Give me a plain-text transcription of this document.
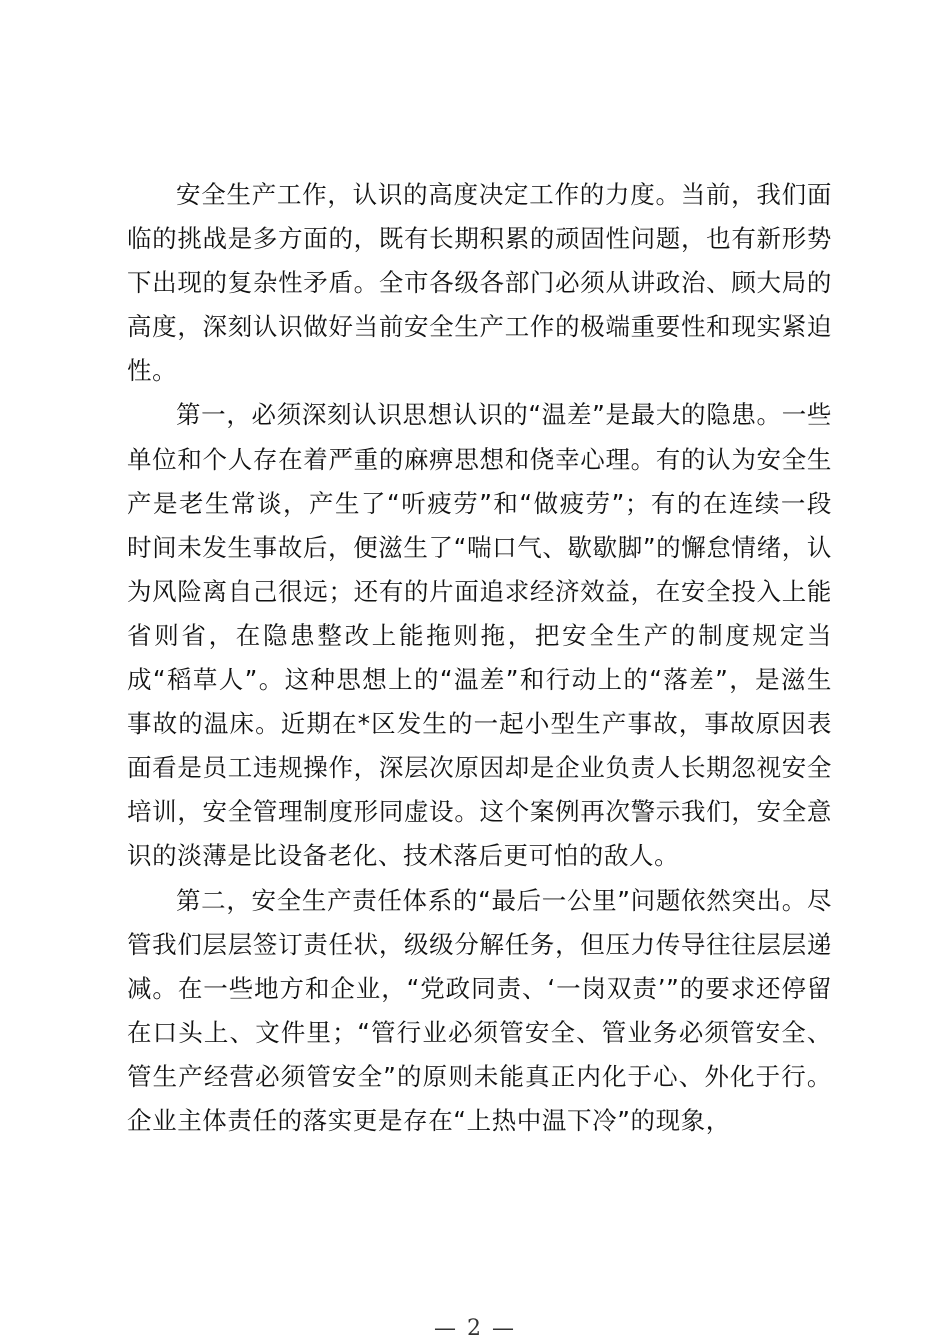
安全生产工作，认识的高度决定工作的力度。当前，我们面临的挑战是多方面的，既有长期积累的顽固性问题，也有新形势下出现的复杂性矛盾。全市各级各部门必须从讲政治、顾大局的高度，深刻认识做好当前安全生产工作的极端重要性和现实紧迫性。

第一，必须深刻认识思想认识的“温差”是最大的隐患。一些单位和个人存在着严重的麻痹思想和侥幸心理。有的认为安全生产是老生常谈，产生了“听疲劳”和“做疲劳”；有的在连续一段时间未发生事故后，便滋生了“喘口气、歇歇脚”的懈怠情绪，认为风险离自己很远；还有的片面追求经济效益，在安全投入上能省则省，在隐患整改上能拖则拖，把安全生产的制度规定当成“稻草人”。这种思想上的“温差”和行动上的“落差”，是滋生事故的温床。近期在*区发生的一起小型生产事故，事故原因表面看是员工违规操作，深层次原因却是企业负责人长期忽视安全培训，安全管理制度形同虚设。这个案例再次警示我们，安全意识的淡薄是比设备老化、技术落后更可怕的敌人。

第二，安全生产责任体系的“最后一公里”问题依然突出。尽管我们层层签订责任状，级级分解任务，但压力传导往往层层递减。在一些地方和企业，“党政同责、‘一岗双责’”的要求还停留在口头上、文件里；“管行业必须管安全、管业务必须管安全、管生产经营必须管安全”的原则未能真正内化于心、外化于行。企业主体责任的落实更是存在“上热中温下冷”的现象，

— 2 —
